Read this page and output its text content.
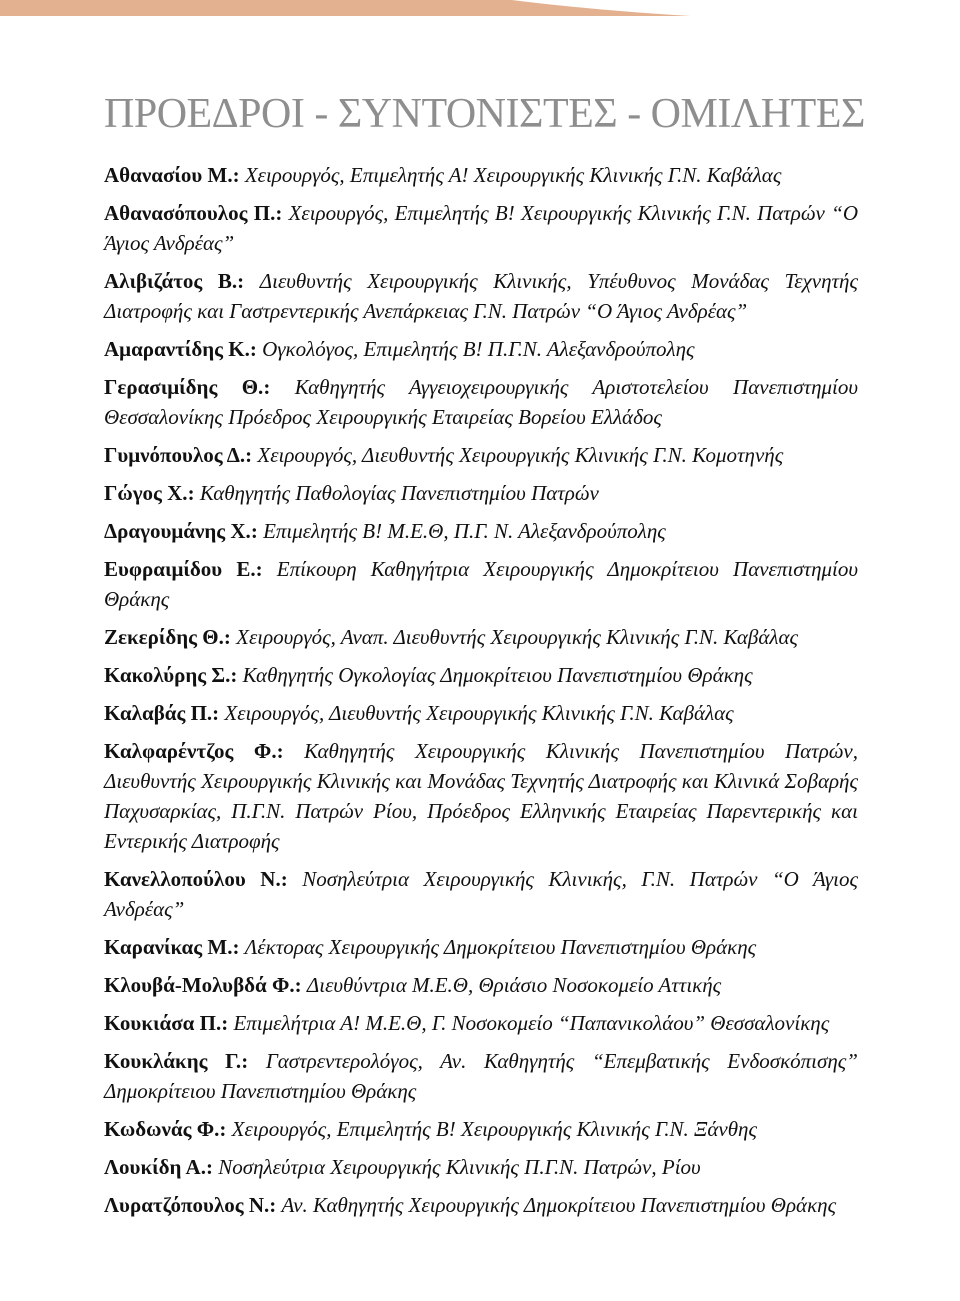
ΠΡΟΕΔΡΟΙ - ΣΥΝΤΟΝΙΣΤΕΣ - ΟΜΙΛΗΤΕΣ

Αθανασίου Μ.: Χειρουργός, Επιμελητής Α! Χειρουργικής Κλινικής Γ.Ν. Καβάλας

Αθανασόπουλος Π.: Χειρουργός, Επιμελητής Β! Χειρουργικής Κλινικής Γ.Ν. Πατρών “Ο Άγιος Ανδρέας”

Αλιβιζάτος Β.: Διευθυντής Χειρουργικής Κλινικής, Υπέυθυνος Μονάδας Τεχνητής Διατροφής και Γαστρεντερικής Ανεπάρκειας Γ.Ν. Πατρών “Ο Άγιος Ανδρέας”

Αμαραντίδης Κ.: Ογκολόγος, Επιμελητής Β! Π.Γ.Ν. Αλεξανδρούπολης

Γερασιμίδης Θ.: Καθηγητής Αγγειοχειρουργικής Αριστοτελείου Πανεπιστημίου Θεσσαλονίκης Πρόεδρος Χειρουργικής Εταιρείας Βορείου Ελλάδος

Γυμνόπουλος Δ.: Χειρουργός, Διευθυντής Χειρουργικής Κλινικής Γ.Ν. Κομοτηνής

Γώγος Χ.: Καθηγητής Παθολογίας Πανεπιστημίου Πατρών

Δραγουμάνης Χ.: Επιμελητής Β! Μ.Ε.Θ, Π.Γ. Ν. Αλεξανδρούπολης

Ευφραιμίδου Ε.: Επίκουρη Καθηγήτρια Χειρουργικής Δημοκρίτειου Πανεπιστημίου Θράκης

Ζεκερίδης Θ.: Χειρουργός, Αναπ. Διευθυντής Χειρουργικής Κλινικής Γ.Ν. Καβάλας

Κακολύρης Σ.: Καθηγητής Ογκολογίας Δημοκρίτειου Πανεπιστημίου Θράκης

Καλαβάς Π.: Χειρουργός, Διευθυντής Χειρουργικής Κλινικής Γ.Ν. Καβάλας

Καλφαρέντζος Φ.: Καθηγητής Χειρουργικής Κλινικής Πανεπιστημίου Πατρών, Διευθυντής Χειρουργικής Κλινικής και Μονάδας Τεχνητής Διατροφής και Κλινικά Σοβαρής Παχυσαρκίας, Π.Γ.Ν. Πατρών Ρίου, Πρόεδρος Ελληνικής Εταιρείας Παρεντερικής και Εντερικής Διατροφής

Κανελλοπούλου Ν.: Νοσηλεύτρια Χειρουργικής Κλινικής, Γ.Ν. Πατρών “Ο Άγιος Ανδρέας”

Καρανίκας Μ.: Λέκτορας Χειρουργικής Δημοκρίτειου Πανεπιστημίου Θράκης

Κλουβά-Μολυβδά Φ.: Διευθύντρια Μ.Ε.Θ, Θριάσιο Νοσοκομείο Αττικής

Κουκιάσα Π.: Επιμελήτρια Α! Μ.Ε.Θ, Γ. Νοσοκομείο “Παπανικολάου” Θεσσαλονίκης

Κουκλάκης Γ.: Γαστρεντερολόγος, Αν. Καθηγητής “Επεμβατικής Ενδοσκόπισης” Δημοκρίτειου Πανεπιστημίου Θράκης

Κωδωνάς Φ.: Χειρουργός, Επιμελητής Β! Χειρουργικής Κλινικής Γ.Ν. Ξάνθης

Λουκίδη Α.: Νοσηλεύτρια Χειρουργικής Κλινικής Π.Γ.Ν. Πατρών, Ρίου

Λυρατζόπουλος Ν.: Αν. Καθηγητής Χειρουργικής Δημοκρίτειου Πανεπιστημίου Θράκης
